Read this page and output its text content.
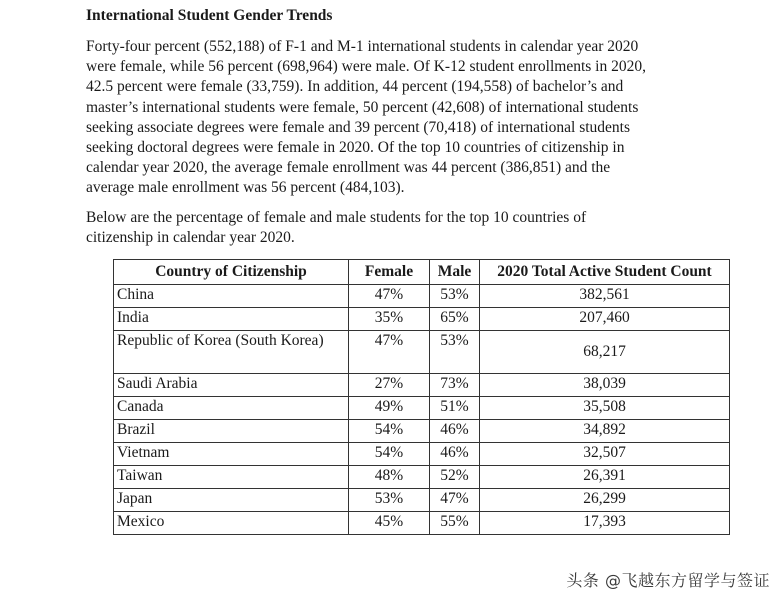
International Student Gender Trends
Forty-four percent (552,188) of F-1 and M-1 international students in calendar year 2020
were female, while 56 percent (698,964) were male. Of K-12 student enrollments in 2020,
42.5 percent were female (33,759). In addition, 44 percent (194,558) of bachelor’s and
master’s international students were female, 50 percent (42,608) of international students
seeking associate degrees were female and 39 percent (70,418) of international students
seeking doctoral degrees were female in 2020. Of the top 10 countries of citizenship in
calendar year 2020, the average female enrollment was 44 percent (386,851) and the
average male enrollment was 56 percent (484,103).
Below are the percentage of female and male students for the top 10 countries of
citizenship in calendar year 2020.
Country of Citizenship	Female	Male	2020 Total Active Student Count
China	47%	53%	382,561
India	35%	65%	207,460
Republic of Korea (South Korea)	47%	53%	68,217
Saudi Arabia	27%	73%	38,039
Canada	49%	51%	35,508
Brazil	54%	46%	34,892
Vietnam	54%	46%	32,507
Taiwan	48%	52%	26,391
Japan	53%	47%	26,299
Mexico	45%	55%	17,393
头条 @飞越东方留学与签证
